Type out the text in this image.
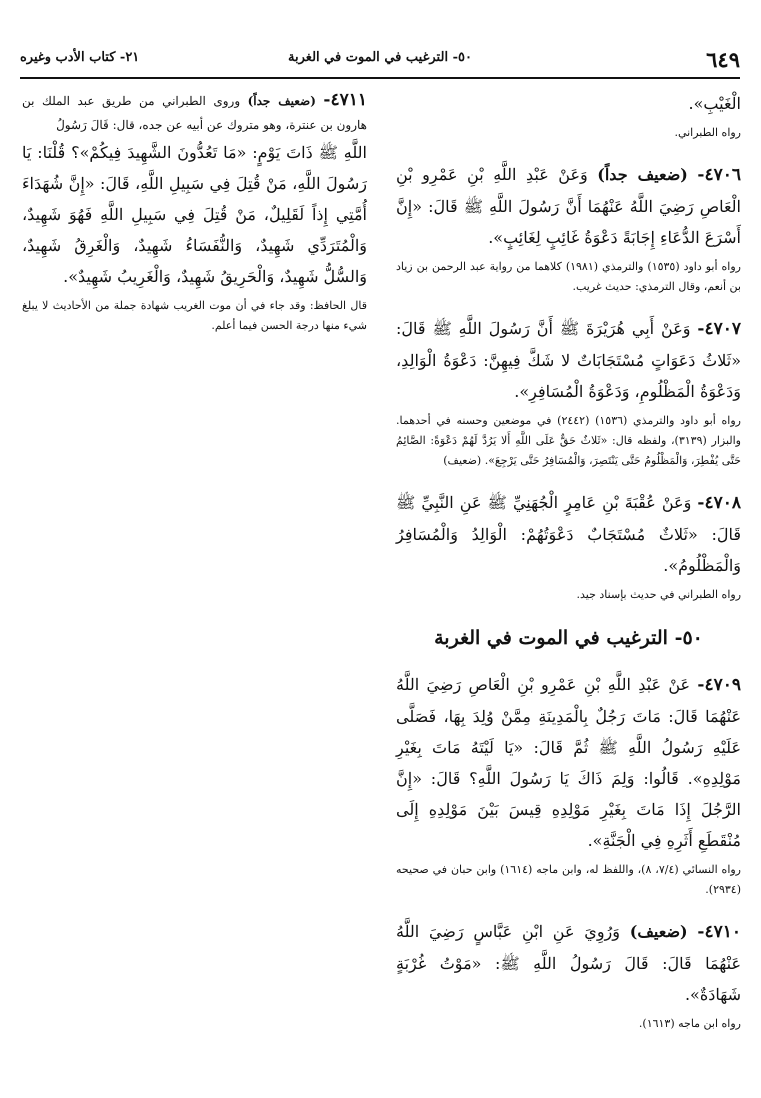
٦٤٩
٥٠- الترغيب في الموت في الغربة
٢١- كتاب الأدب وغيره

الْغَيْبِ».

رواه الطبراني.

٤٧٠٦- (ضعيف جداً) وَعَنْ عَبْدِ اللَّهِ بْنِ عَمْرِو بْنِ الْعَاصِ رَضِيَ اللَّهُ عَنْهُمَا أَنَّ رَسُولَ اللَّهِ ﷺ قَالَ: «إِنَّ أَسْرَعَ الدُّعَاءِ إِجَابَةً دَعْوَةُ غَائِبٍ لِغَائِبٍ».

رواه أبو داود (١٥٣٥) والترمذي (١٩٨١) كلاهما من رواية عبد الرحمن بن زياد بن أنعم، وقال الترمذي: حديث غريب.

٤٧٠٧- وَعَنْ أَبِي هُرَيْرَةَ ﷺ أَنَّ رَسُولَ اللَّهِ ﷺ قَالَ: «ثَلاثُ دَعَوَاتٍ مُسْتَجَابَاتٌ لا شَكَّ فِيهِنَّ: دَعْوَةُ الْوَالِدِ، وَدَعْوَةُ الْمَظْلُومِ، وَدَعْوَةُ الْمُسَافِرِ».

رواه أبو داود والترمذي (١٥٣٦) (٢٤٤٢) في موضعين وحسنه في أحدهما. والبزار (٣١٣٩)، ولفظه قال: «ثَلاثٌ حَقٌّ عَلَى اللَّهِ أَلا يَرُدَّ لَهُمْ دَعْوَةً: الصَّائِمُ حَتَّى يُفْطِرَ، وَالْمَظْلُومُ حَتَّى يَنْتَصِرَ، وَالْمُسَافِرُ حَتَّى يَرْجِعَ». (ضعيف)

٤٧٠٨- وَعَنْ عُقْبَةَ بْنِ عَامِرٍ الْجُهَنِيِّ ﷺ عَنِ النَّبِيِّ ﷺ قَالَ: «ثَلاثٌ مُسْتَجَابٌ دَعْوَتُهُمْ: الْوَالِدُ وَالْمُسَافِرُ وَالْمَظْلُومُ».

رواه الطبراني في حديث بإسناد جيد.

٥٠- الترغيب في الموت في الغربة

٤٧٠٩- عَنْ عَبْدِ اللَّهِ بْنِ عَمْرِو بْنِ الْعَاصِ رَضِيَ اللَّهُ عَنْهُمَا قَالَ: مَاتَ رَجُلٌ بِالْمَدِينَةِ مِمَّنْ وُلِدَ بِهَا، فَصَلَّى عَلَيْهِ رَسُولُ اللَّهِ ﷺ ثُمَّ قَالَ: «يَا لَيْتَهُ مَاتَ بِغَيْرِ مَوْلِدِهِ». قَالُوا: وَلِمَ ذَاكَ يَا رَسُولَ اللَّهِ؟ قَالَ: «إِنَّ الرَّجُلَ إِذَا مَاتَ بِغَيْرِ مَوْلِدِهِ قِيسَ بَيْنَ مَوْلِدِهِ إِلَى مُنْقَطَعِ أَثَرِهِ فِي الْجَنَّةِ».

رواه النسائي (٧/٤، ٨)، واللفظ له، وابن ماجه (١٦١٤) وابن حبان في صحيحه (٢٩٣٤).

٤٧١٠- (ضعيف) وَرُوِيَ عَنِ ابْنِ عَبَّاسٍ رَضِيَ اللَّهُ عَنْهُمَا قَالَ: قَالَ رَسُولُ اللَّهِ ﷺ: «مَوْتُ غُرْبَةٍ شَهَادَةٌ».

رواه ابن ماجه (١٦١٣).

٤٧١١- (ضعيف جداً) وروى الطبراني من طريق عبد الملك بن هارون بن عنترة، وهو متروك عن أبيه عن جده، قال: قَالَ رَسُولُ

اللَّهِ ﷺ ذَاتَ يَوْمٍ: «مَا تَعُدُّونَ الشَّهِيدَ فِيكُمْ»؟ قُلْنَا: يَا رَسُولَ اللَّهِ، مَنْ قُتِلَ فِي سَبِيلِ اللَّهِ، قَالَ: «إِنَّ شُهَدَاءَ أُمَّتِي إِذاً لَقَلِيلٌ، مَنْ قُتِلَ فِي سَبِيلِ اللَّهِ فَهُوَ شَهِيدٌ، وَالْمُتَرَدِّي شَهِيدٌ، وَالنُّفَسَاءُ شَهِيدٌ، وَالْغَرِقُ شَهِيدٌ، وَالسُّلُّ شَهِيدٌ، وَالْحَرِيقُ شَهِيدٌ، وَالْغَرِيبُ شَهِيدٌ».

قال الحافظ: وقد جاء في أن موت الغريب شهادة جملة من الأحاديث لا يبلغ شيء منها درجة الحسن فيما أعلم.
